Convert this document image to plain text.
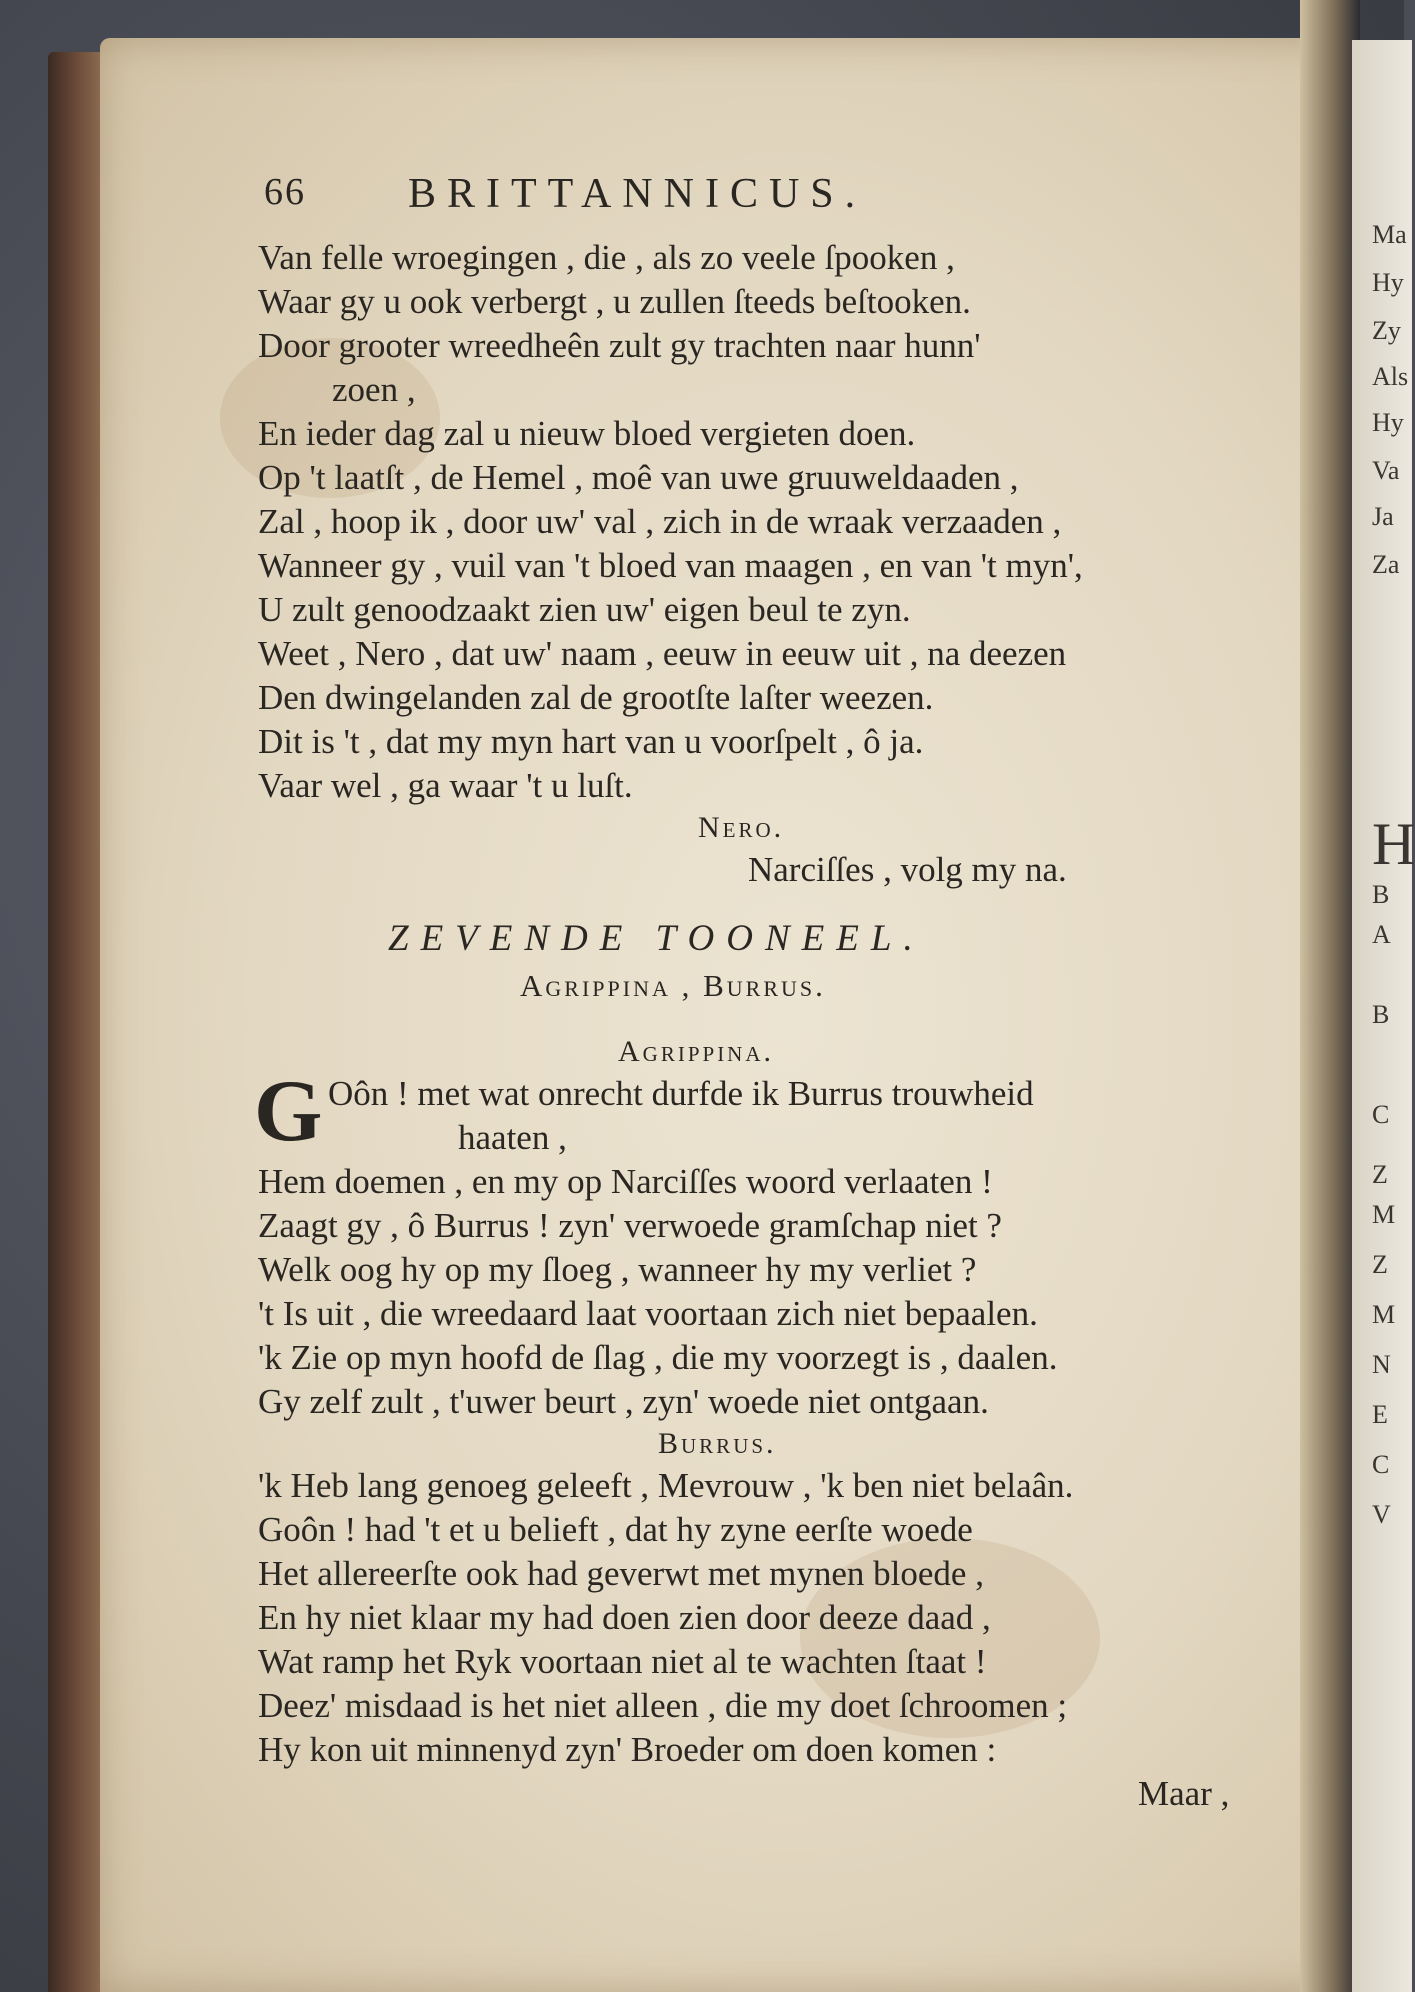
Ma
Hy
Zy
Als
Hy
Va
Ja
Za
H
B
A
B
C
Z
M
Z
M
N
E
C
V
66 BRITTANNICUS.
Van felle wroegingen , die , als zo veele ſpooken ,
Waar gy u ook verbergt , u zullen ſteeds beſtooken.
Door grooter wreedheên zult gy trachten naar hunn'
zoen ,
En ieder dag zal u nieuw bloed vergieten doen.
Op 't laatſt , de Hemel , moê van uwe gruuweldaaden ,
Zal , hoop ik , door uw' val , zich in de wraak verzaaden ,
Wanneer gy , vuil van 't bloed van maagen , en van 't myn',
U zult genoodzaakt zien uw' eigen beul te zyn.
Weet , Nero , dat uw' naam , eeuw in eeuw uit , na deezen
Den dwingelanden zal de grootſte laſter weezen.
Dit is 't , dat my myn hart van u voorſpelt , ô ja.
Vaar wel , ga waar 't u luſt.
Nero.
Narciſſes , volg my na.
ZEVENDE TOONEEL.
Agrippina , Burrus.
Agrippina.
G Oôn ! met wat onrecht durfde ik Burrus trouwheid
haaten ,
Hem doemen , en my op Narciſſes woord verlaaten !
Zaagt gy , ô Burrus ! zyn' verwoede gramſchap niet ?
Welk oog hy op my ſloeg , wanneer hy my verliet ?
't Is uit , die wreedaard laat voortaan zich niet bepaalen.
'k Zie op myn hoofd de ſlag , die my voorzegt is , daalen.
Gy zelf zult , t'uwer beurt , zyn' woede niet ontgaan.
Burrus.
'k Heb lang genoeg geleeft , Mevrouw , 'k ben niet belaân.
Goôn ! had 't et u belieft , dat hy zyne eerſte woede
Het allereerſte ook had geverwt met mynen bloede ,
En hy niet klaar my had doen zien door deeze daad ,
Wat ramp het Ryk voortaan niet al te wachten ſtaat !
Deez' misdaad is het niet alleen , die my doet ſchroomen ;
Hy kon uit minnenyd zyn' Broeder om doen komen :
Maar ,
